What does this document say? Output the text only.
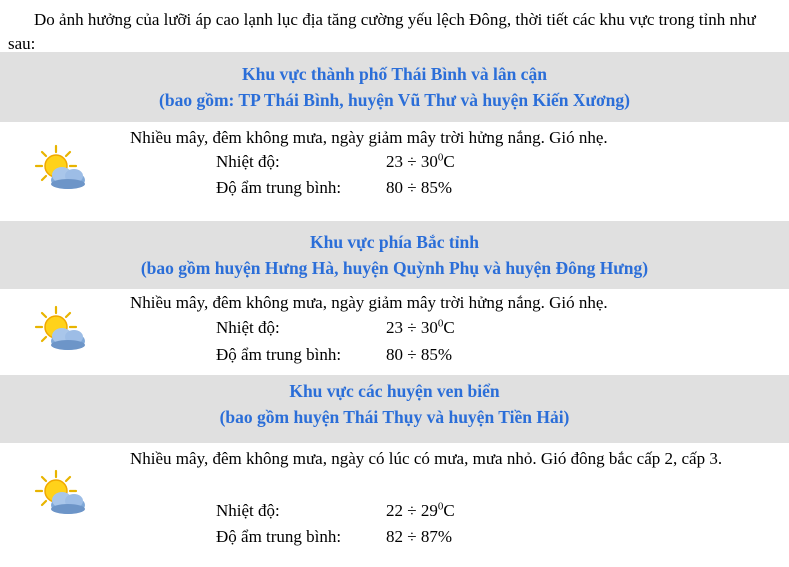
Do ảnh hưởng của lưỡi áp cao lạnh lục địa tăng cường yếu lệch Đông, thời tiết các khu vực trong tỉnh như sau:
Khu vực thành phố Thái Bình và lân cận
(bao gồm: TP Thái Bình, huyện Vũ Thư và huyện Kiến Xương)
Nhiều mây, đêm không mưa, ngày giảm mây trời hửng nắng. Gió nhẹ.
Nhiệt độ:	$23 \div 30^0C$
Độ ẩm trung bình:	80 ÷ 85%
Khu vực phía Bắc tỉnh
(bao gồm huyện Hưng Hà, huyện Quỳnh Phụ và huyện Đông Hưng)
Nhiều mây, đêm không mưa, ngày giảm mây trời hửng nắng. Gió nhẹ.
Nhiệt độ:	$23 \div 30^0C$
Độ ẩm trung bình:	80 ÷ 85%
Khu vực các huyện ven biển
(bao gồm huyện Thái Thụy và huyện Tiền Hải)
Nhiều mây, đêm không mưa, ngày có lúc có mưa, mưa nhỏ. Gió đông bắc cấp 2, cấp 3.
Nhiệt độ:	$22 \div 29^0C$
Độ ẩm trung bình:	82 ÷ 87%
